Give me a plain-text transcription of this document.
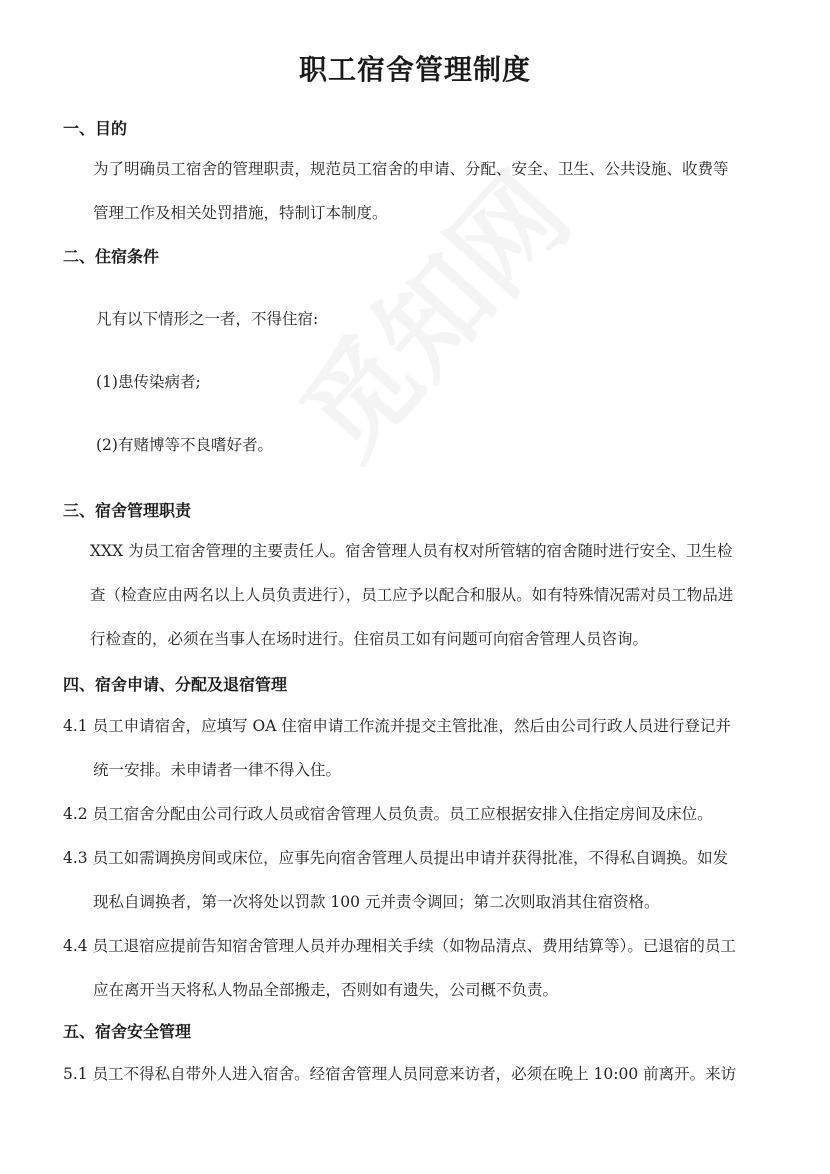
职工宿舍管理制度
一、目的
为了明确员工宿舍的管理职责，规范员工宿舍的申请、分配、安全、卫生、公共设施、收费等
管理工作及相关处罚措施，特制订本制度。
二、住宿条件
凡有以下情形之一者，不得住宿:
(1)患传染病者;
(2)有赌博等不良嗜好者。
三、宿舍管理职责
XXX 为员工宿舍管理的主要责任人。宿舍管理人员有权对所管辖的宿舍随时进行安全、卫生检
查（检查应由两名以上人员负责进行），员工应予以配合和服从。如有特殊情况需对员工物品进
行检查的，必须在当事人在场时进行。住宿员工如有问题可向宿舍管理人员咨询。
四、宿舍申请、分配及退宿管理
4.1 员工申请宿舍，应填写 OA 住宿申请工作流并提交主管批准，然后由公司行政人员进行登记并
统一安排。未申请者一律不得入住。
4.2 员工宿舍分配由公司行政人员或宿舍管理人员负责。员工应根据安排入住指定房间及床位。
4.3 员工如需调换房间或床位，应事先向宿舍管理人员提出申请并获得批准，不得私自调换。如发
现私自调换者，第一次将处以罚款 100 元并责令调回；第二次则取消其住宿资格。
4.4 员工退宿应提前告知宿舍管理人员并办理相关手续（如物品清点、费用结算等）。已退宿的员工
应在离开当天将私人物品全部搬走，否则如有遗失，公司概不负责。
五、宿舍安全管理
5.1 员工不得私自带外人进入宿舍。经宿舍管理人员同意来访者，必须在晚上 10:00 前离开。来访
